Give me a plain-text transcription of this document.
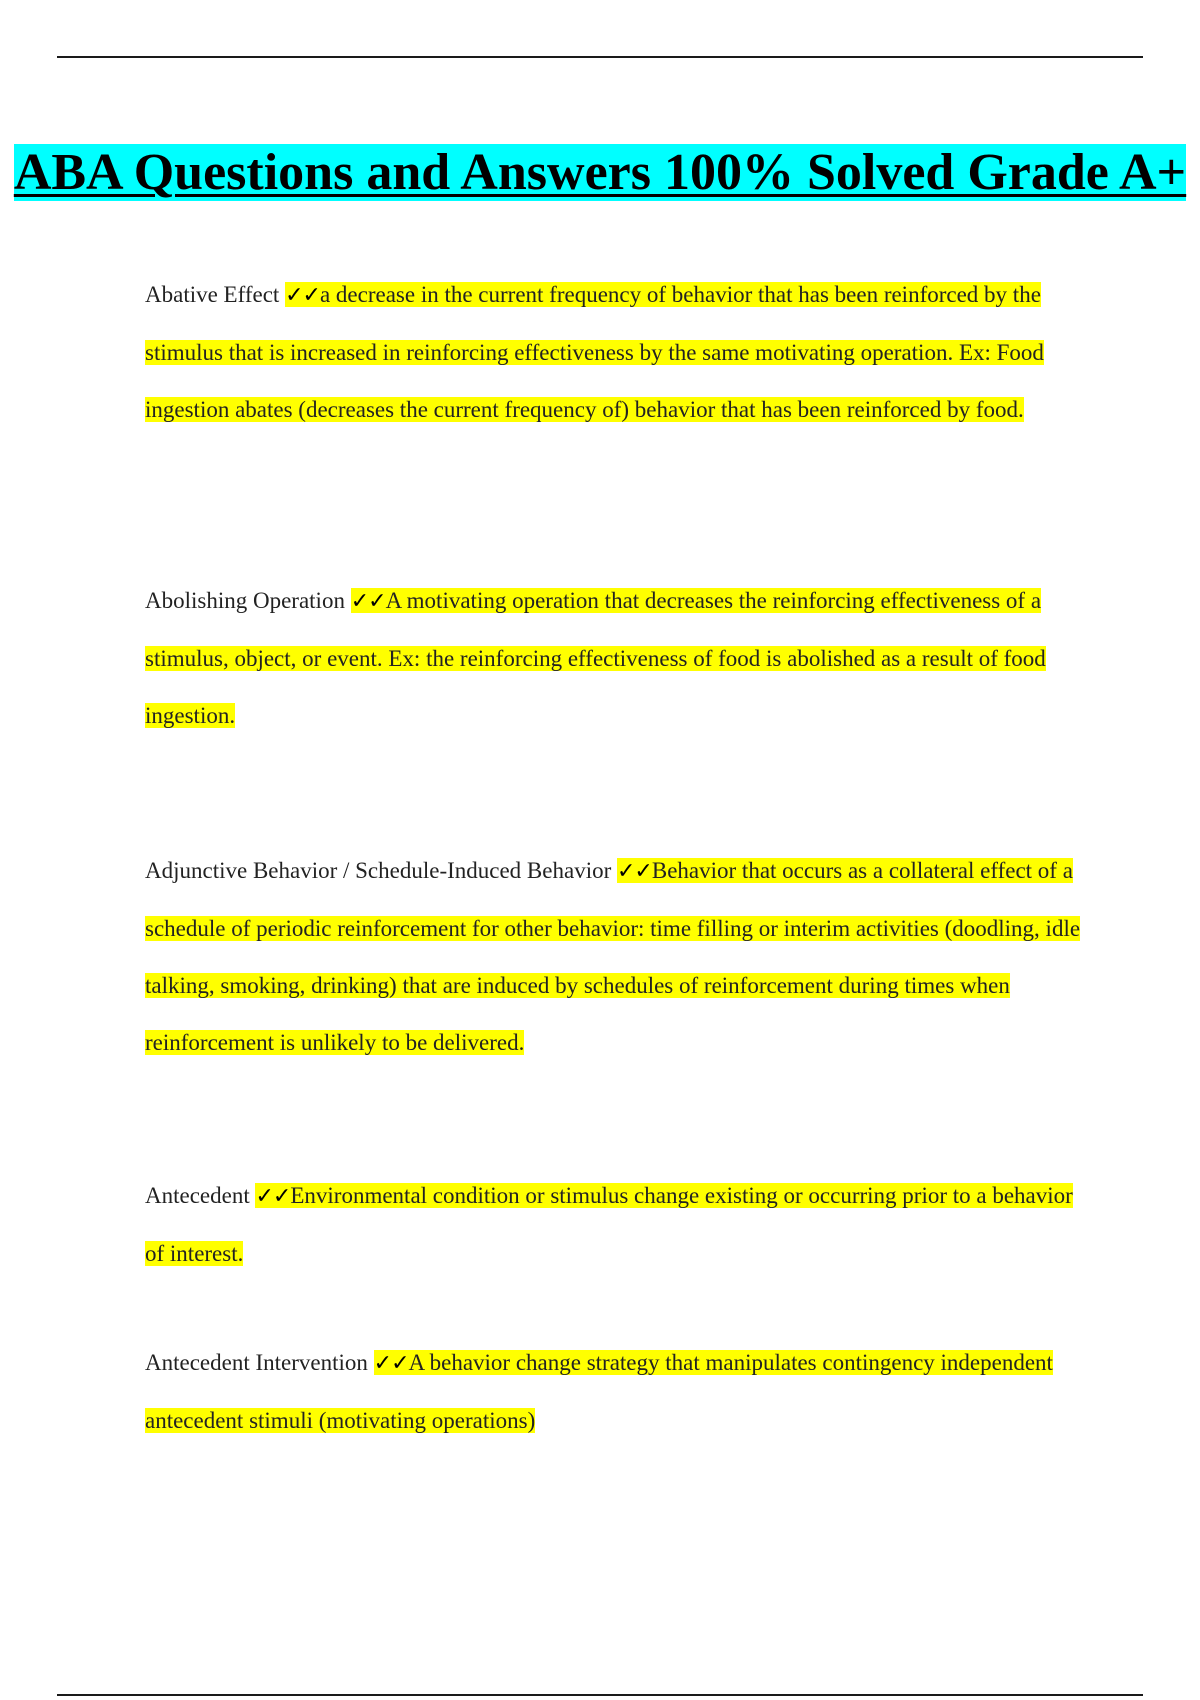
ABA Questions and Answers 100% Solved Grade A+
Abative Effect ✓✓a decrease in the current frequency of behavior that has been reinforced by the stimulus that is increased in reinforcing effectiveness by the same motivating operation. Ex: Food ingestion abates (decreases the current frequency of) behavior that has been reinforced by food.
Abolishing Operation ✓✓A motivating operation that decreases the reinforcing effectiveness of a stimulus, object, or event. Ex: the reinforcing effectiveness of food is abolished as a result of food ingestion.
Adjunctive Behavior / Schedule-Induced Behavior ✓✓Behavior that occurs as a collateral effect of a schedule of periodic reinforcement for other behavior: time filling or interim activities (doodling, idle talking, smoking, drinking) that are induced by schedules of reinforcement during times when reinforcement is unlikely to be delivered.
Antecedent ✓✓Environmental condition or stimulus change existing or occurring prior to a behavior of interest.
Antecedent Intervention ✓✓A behavior change strategy that manipulates contingency independent antecedent stimuli (motivating operations)
